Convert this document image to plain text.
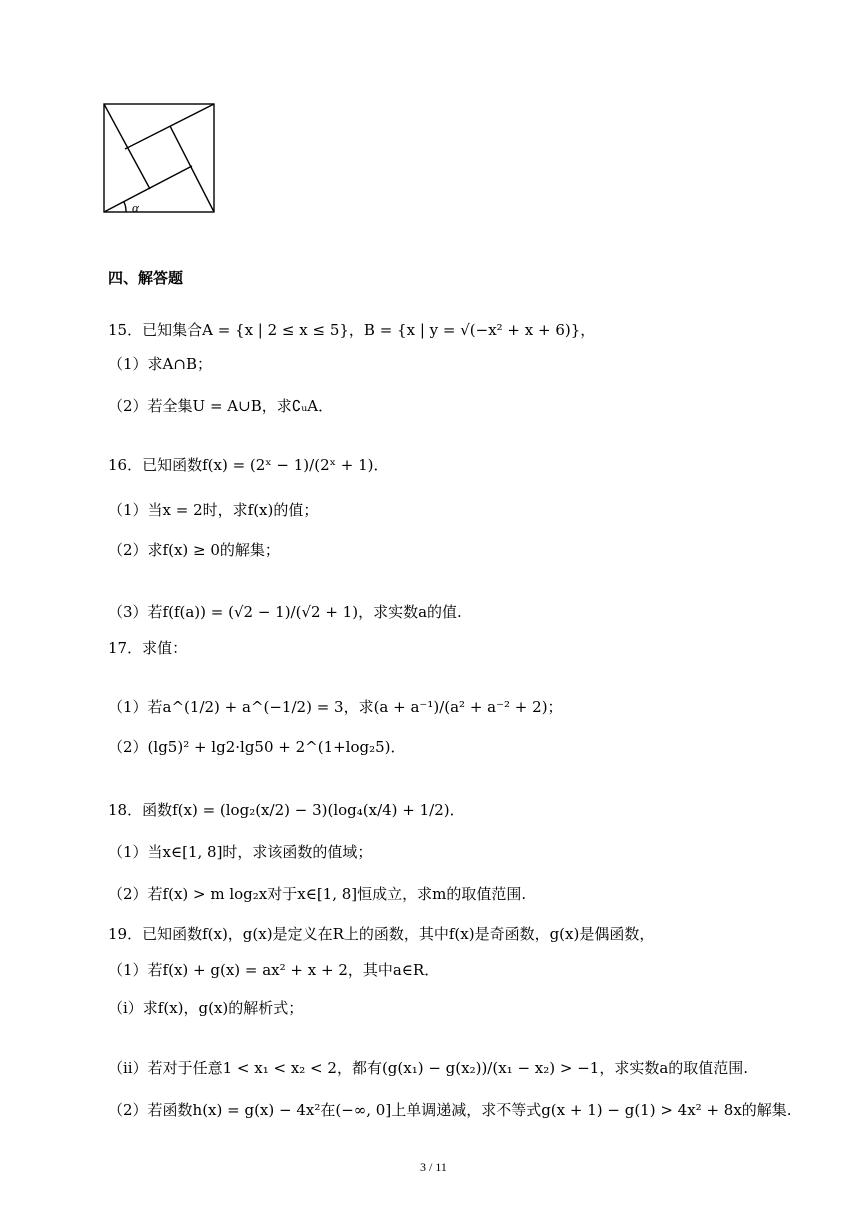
α
四、解答题
15．已知集合A = {x | 2 ≤ x ≤ 5}，B = {x | y = √(−x² + x + 6)}，
（1）求A∩B；
（2）若全集U = A∪B，求∁ᵤA．
16．已知函数f(x) = (2ˣ − 1)/(2ˣ + 1)．
（1）当x = 2时，求f(x)的值；
（2）求f(x) ≥ 0的解集；
（3）若f(f(a)) = (√2 − 1)/(√2 + 1)，求实数a的值.
17．求值：
（1）若a^(1/2) + a^(−1/2) = 3，求(a + a⁻¹)/(a² + a⁻² + 2)；
（2）(lg5)² + lg2·lg50 + 2^(1+log₂5)．
18．函数f(x) = (log₂(x/2) − 3)(log₄(x/4) + 1/2)．
（1）当x∈[1, 8]时，求该函数的值域；
（2）若f(x) > m log₂x对于x∈[1, 8]恒成立，求m的取值范围.
19．已知函数f(x)，g(x)是定义在R上的函数，其中f(x)是奇函数，g(x)是偶函数，
（1）若f(x) + g(x) = ax² + x + 2，其中a∈R．
（i）求f(x)，g(x)的解析式；
（ii）若对于任意1 < x₁ < x₂ < 2，都有(g(x₁) − g(x₂))/(x₁ − x₂) > −1，求实数a的取值范围.
（2）若函数h(x) = g(x) − 4x²在(−∞, 0]上单调递减，求不等式g(x + 1) − g(1) > 4x² + 8x的解集.
3 / 11
